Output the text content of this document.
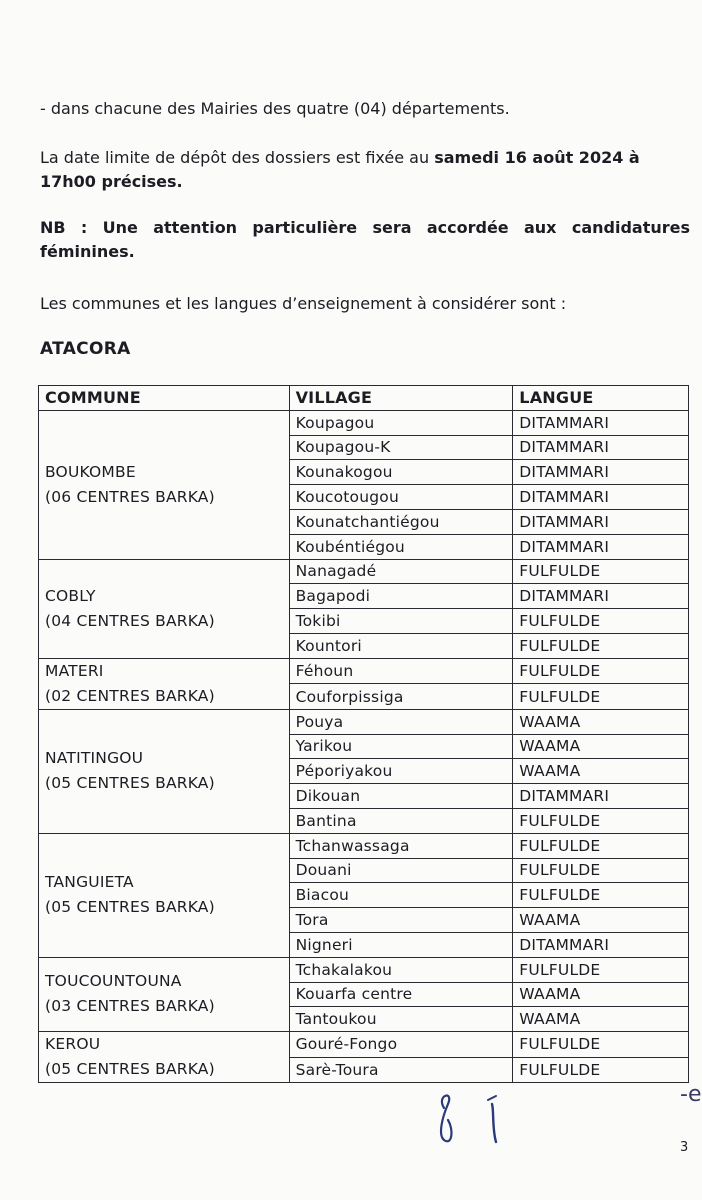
- dans chacune des Mairies des quatre (04) départements.

La date limite de dépôt des dossiers est fixée au samedi 16 août 2024 à 17h00 précises.

NB : Une attention particulière sera accordée aux candidatures féminines.

Les communes et les langues d’enseignement à considérer sont :

ATACORA
COMMUNE	VILLAGE	LANGUE

BOUKOMBE
(06 CENTRES BARKA)	Koupagou	DITAMMARI
	Koupagou-K	DITAMMARI
	Kounakogou	DITAMMARI
	Koucotougou	DITAMMARI
	Kounatchantiégou	DITAMMARI
	Koubéntiégou	DITAMMARI

COBLY
(04 CENTRES BARKA)	Nanagadé	FULFULDE
	Bagapodi	DITAMMARI
	Tokibi	FULFULDE
	Kountori	FULFULDE

MATERI
(02 CENTRES BARKA)	Féhoun	FULFULDE
	Couforpissiga	FULFULDE

NATITINGOU
(05 CENTRES BARKA)	Pouya	WAAMA
	Yarikou	WAAMA
	Péporiyakou	WAAMA
	Dikouan	DITAMMARI
	Bantina	FULFULDE

TANGUIETA
(05 CENTRES BARKA)	Tchanwassaga	FULFULDE
	Douani	FULFULDE
	Biacou	FULFULDE
	Tora	WAAMA
	Nigneri	DITAMMARI

TOUCOUNTOUNA
(03 CENTRES BARKA)	Tchakalakou	FULFULDE
	Kouarfa centre	WAAMA
	Tantoukou	WAAMA

KEROU
(05 CENTRES BARKA)	Gouré-Fongo	FULFULDE
	Sarè-Toura	FULFULDE
-e
3
